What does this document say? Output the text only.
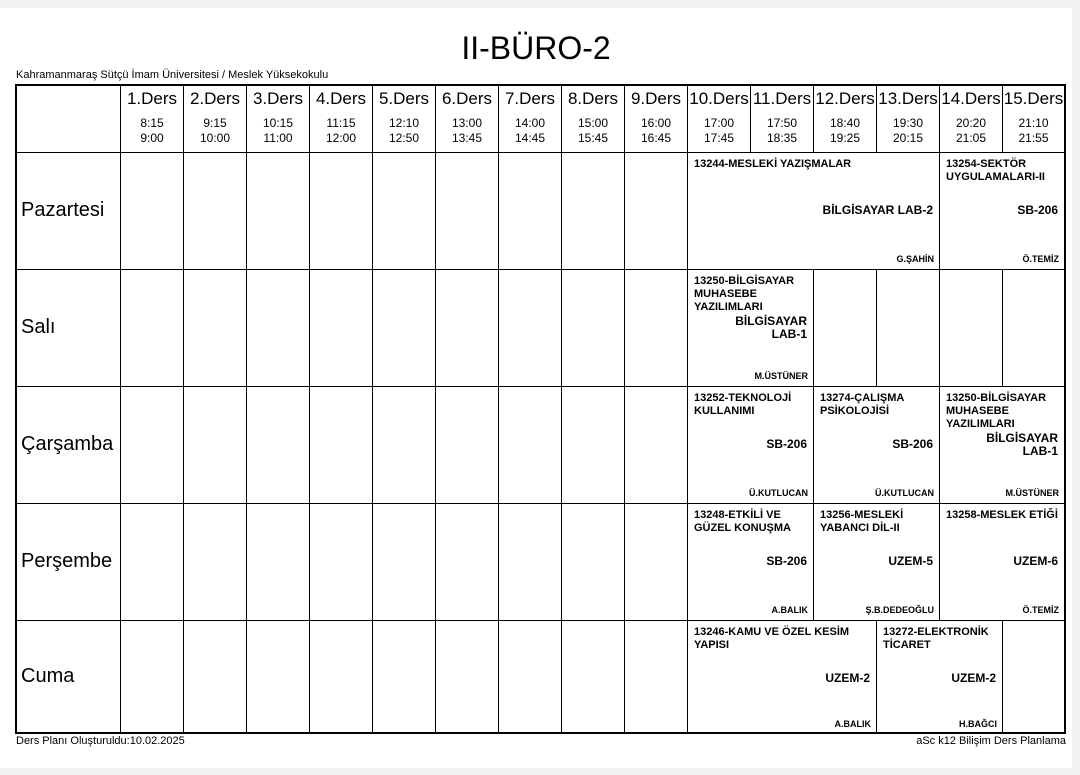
II-BÜRO-2
Kahramanmaraş Sütçü İmam Üniversitesi / Meslek Yüksekokulu
1.Ders
8:15
9:00
2.Ders
9:15
10:00
3.Ders
10:15
11:00
4.Ders
11:15
12:00
5.Ders
12:10
12:50
6.Ders
13:00
13:45
7.Ders
14:00
14:45
8.Ders
15:00
15:45
9.Ders
16:00
16:45
10.Ders
17:00
17:45
11.Ders
17:50
18:35
12.Ders
18:40
19:25
13.Ders
19:30
20:15
14.Ders
20:20
21:05
15.Ders
21:10
21:55
Pazartesi
Salı
Çarşamba
Perşembe
Cuma
13244-MESLEKİ YAZIŞMALAR
BİLGİSAYAR LAB-2
G.ŞAHİN
13254-SEKTÖR UYGULAMALARI-II
SB-206
Ö.TEMİZ
13250-BİLGİSAYAR MUHASEBE YAZILIMLARI
BİLGİSAYAR LAB-1
M.ÜSTÜNER
13252-TEKNOLOJİ KULLANIMI
SB-206
Ü.KUTLUCAN
13274-ÇALIŞMA PSİKOLOJİSİ
SB-206
Ü.KUTLUCAN
13250-BİLGİSAYAR MUHASEBE YAZILIMLARI
BİLGİSAYAR LAB-1
M.ÜSTÜNER
13248-ETKİLİ VE GÜZEL KONUŞMA
SB-206
A.BALIK
13256-MESLEKİ YABANCI DİL-II
UZEM-5
Ş.B.DEDEOĞLU
13258-MESLEK ETİĞİ
UZEM-6
Ö.TEMİZ
13246-KAMU VE ÖZEL KESİM YAPISI
UZEM-2
A.BALIK
13272-ELEKTRONİK TİCARET
UZEM-2
H.BAĞCI
Ders Planı Oluşturuldu:10.02.2025	aSc k12 Bilişim Ders Planlama
